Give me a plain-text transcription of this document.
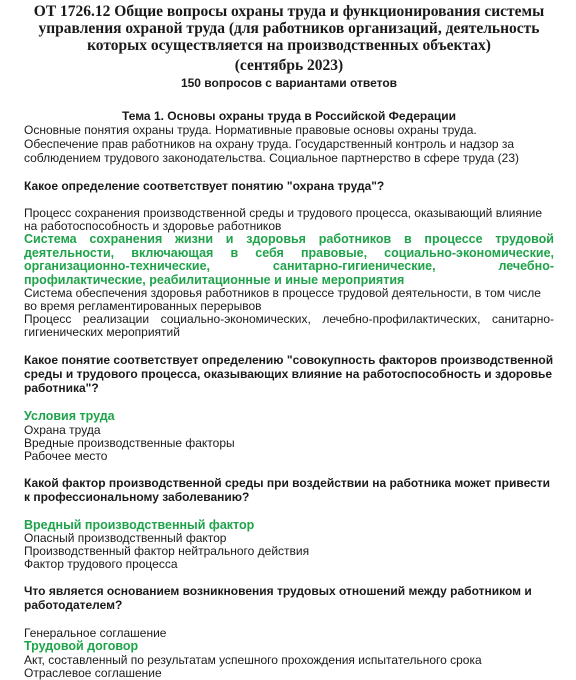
ОТ 1726.12 Общие вопросы охраны труда и функционирования системы управления охраной труда (для работников организаций, деятельность которых осуществляется на производственных объектах)

(сентябрь 2023)

150 вопросов с вариантами ответов

Тема 1. Основы охраны труда в Российской Федерации

Основные понятия охраны труда. Нормативные правовые основы охраны труда. Обеспечение прав работников на охрану труда. Государственный контроль и надзор за соблюдением трудового законодательства. Социальное партнерство в сфере труда (23)

Какое определение соответствует понятию "охрана труда"?

Процесс сохранения производственной среды и трудового процесса, оказывающий влияние на работоспособность и здоровье работников
Система сохранения жизни и здоровья работников в процессе трудовой деятельности, включающая в себя правовые, социально-экономические, организационно-технические, санитарно-гигиенические, лечебно-профилактические, реабилитационные и иные мероприятия
Система обеспечения здоровья работников в процессе трудовой деятельности, в том числе во время регламентированных перерывов
Процесс реализации социально-экономических, лечебно-профилактических, санитарно-гигиенических мероприятий

Какое понятие соответствует определению "совокупность факторов производственной среды и трудового процесса, оказывающих влияние на работоспособность и здоровье работника"?

Условия труда
Охрана труда
Вредные производственные факторы
Рабочее место

Какой фактор производственной среды при воздействии на работника может привести к профессиональному заболеванию?

Вредный производственный фактор
Опасный производственный фактор
Производственный фактор нейтрального действия
Фактор трудового процесса

Что является основанием возникновения трудовых отношений между работником и работодателем?

Генеральное соглашение
Трудовой договор
Акт, составленный по результатам успешного прохождения испытательного срока
Отраслевое соглашение
